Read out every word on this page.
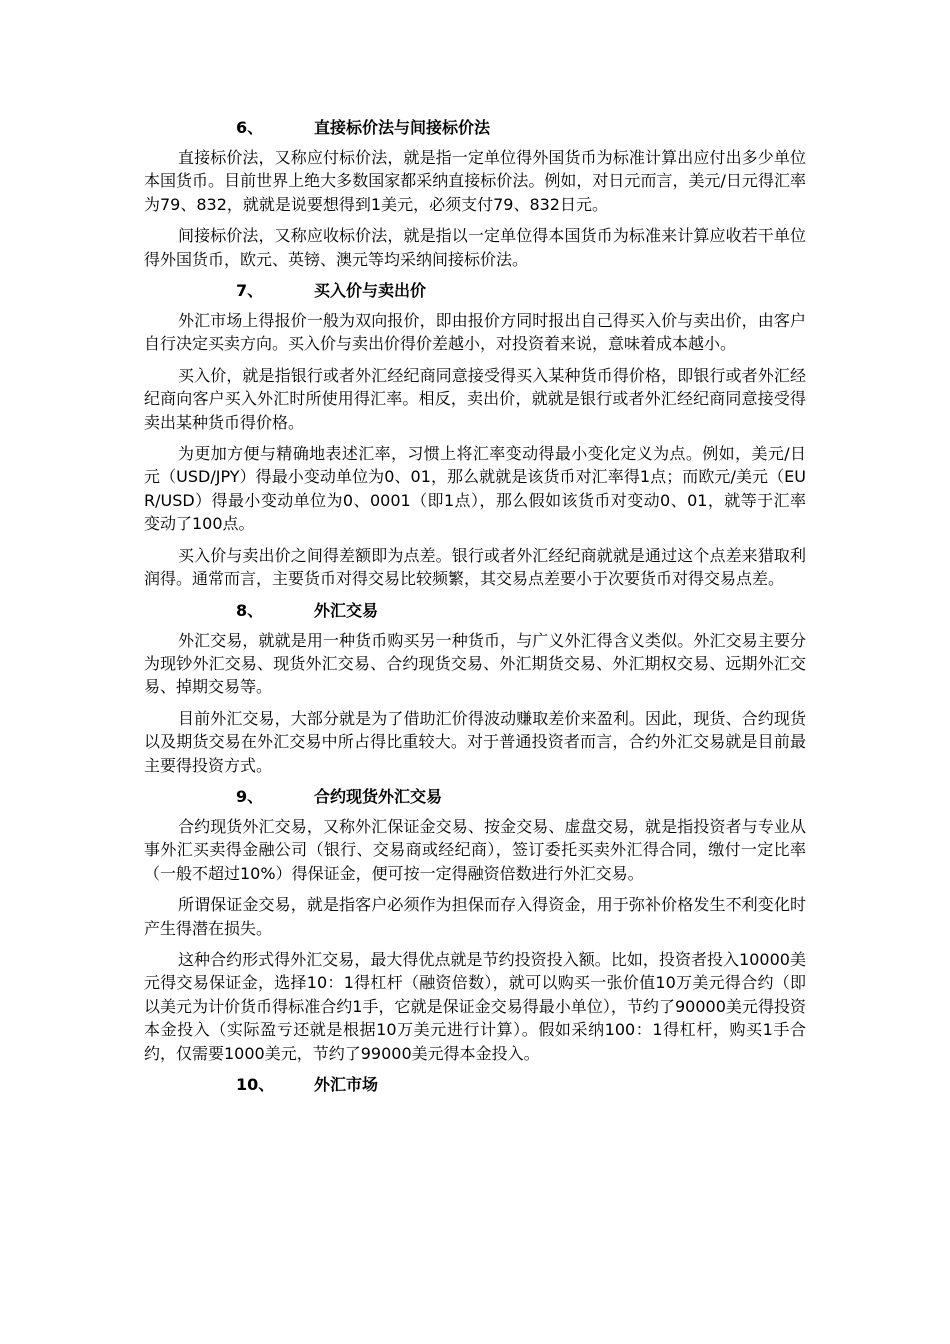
6、	直接标价法与间接标价法

直接标价法，又称应付标价法，就是指一定单位得外国货币为标准计算出应付出多少单位本国货币。目前世界上绝大多数国家都采纳直接标价法。例如，对日元而言，美元/日元得汇率为79、832，就就是说要想得到1美元，必须支付79、832日元。

间接标价法，又称应收标价法，就是指以一定单位得本国货币为标准来计算应收若干单位得外国货币，欧元、英镑、澳元等均采纳间接标价法。

7、	买入价与卖出价

外汇市场上得报价一般为双向报价，即由报价方同时报出自己得买入价与卖出价，由客户自行决定买卖方向。买入价与卖出价得价差越小，对投资着来说，意味着成本越小。

买入价，就是指银行或者外汇经纪商同意接受得买入某种货币得价格，即银行或者外汇经纪商向客户买入外汇时所使用得汇率。相反，卖出价，就就是银行或者外汇经纪商同意接受得卖出某种货币得价格。

为更加方便与精确地表述汇率，习惯上将汇率变动得最小变化定义为点。例如，美元/日元（USD/JPY）得最小变动单位为0、01，那么就就是该货币对汇率得1点；而欧元/美元（EUR/USD）得最小变动单位为0、0001（即1点），那么假如该货币对变动0、01，就等于汇率变动了100点。

买入价与卖出价之间得差额即为点差。银行或者外汇经纪商就就是通过这个点差来猎取利润得。通常而言，主要货币对得交易比较频繁，其交易点差要小于次要货币对得交易点差。

8、	外汇交易

外汇交易，就就是用一种货币购买另一种货币，与广义外汇得含义类似。外汇交易主要分为现钞外汇交易、现货外汇交易、合约现货交易、外汇期货交易、外汇期权交易、远期外汇交易、掉期交易等。

目前外汇交易，大部分就是为了借助汇价得波动赚取差价来盈利。因此，现货、合约现货以及期货交易在外汇交易中所占得比重较大。对于普通投资者而言，合约外汇交易就是目前最主要得投资方式。

9、	合约现货外汇交易

合约现货外汇交易，又称外汇保证金交易、按金交易、虚盘交易，就是指投资者与专业从事外汇买卖得金融公司（银行、交易商或经纪商），签订委托买卖外汇得合同，缴付一定比率（一般不超过10%）得保证金，便可按一定得融资倍数进行外汇交易。

所谓保证金交易，就是指客户必须作为担保而存入得资金，用于弥补价格发生不利变化时产生得潜在损失。

这种合约形式得外汇交易，最大得优点就是节约投资投入额。比如，投资者投入10000美元得交易保证金，选择10：1得杠杆（融资倍数），就可以购买一张价值10万美元得合约（即以美元为计价货币得标准合约1手，它就是保证金交易得最小单位），节约了90000美元得投资本金投入（实际盈亏还就是根据10万美元进行计算）。假如采纳100：1得杠杆，购买1手合约，仅需要1000美元，节约了99000美元得本金投入。

10、	外汇市场
